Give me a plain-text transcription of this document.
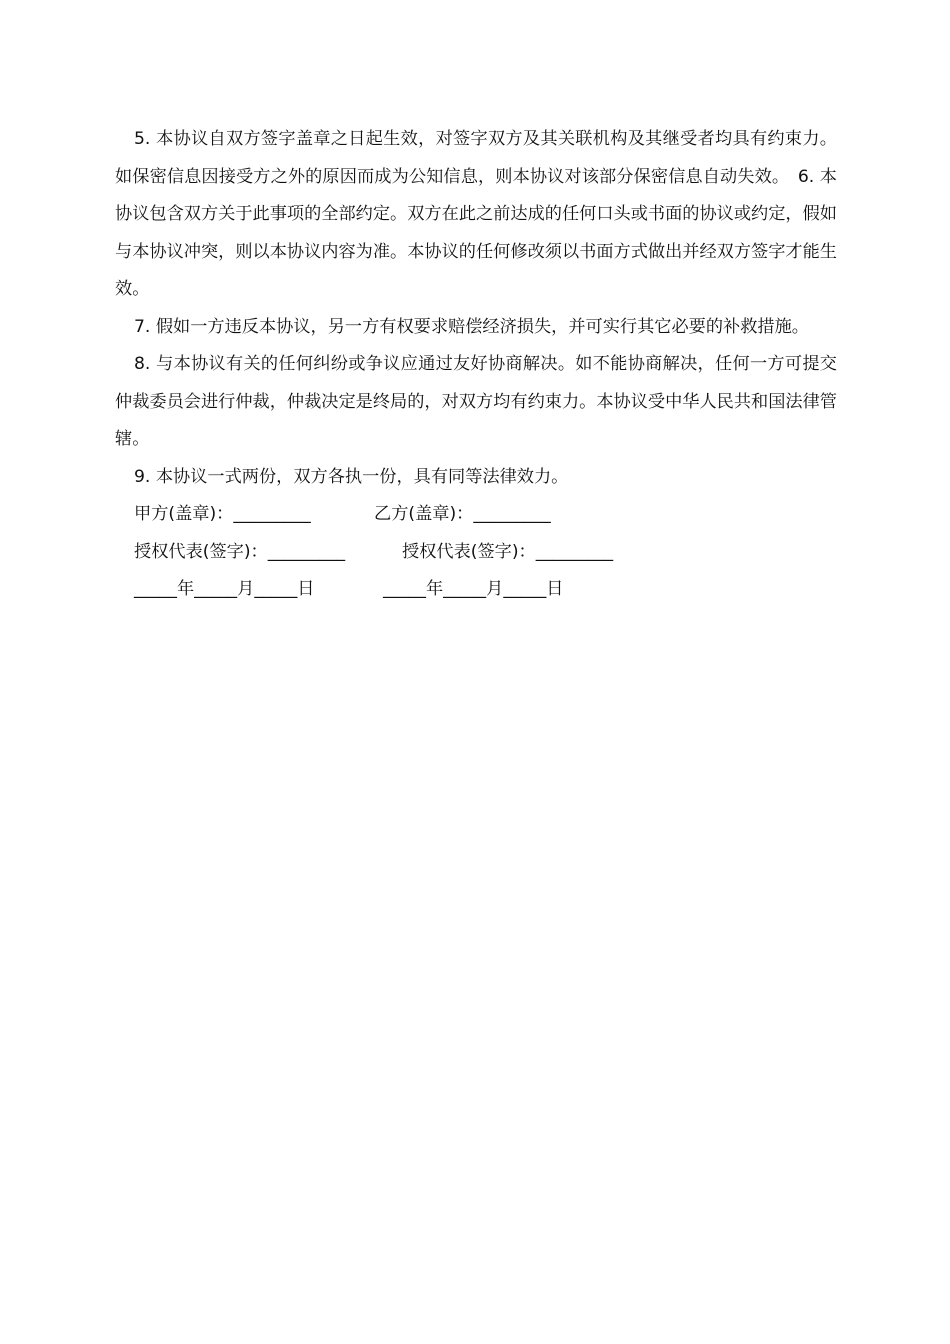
5. 本协议自双方签字盖章之日起生效，对签字双方及其关联机构及其继受者均具有约束力。如保密信息因接受方之外的原因而成为公知信息，则本协议对该部分保密信息自动失效。　6. 本协议包含双方关于此事项的全部约定。双方在此之前达成的任何口头或书面的协议或约定，假如与本协议冲突，则以本协议内容为准。本协议的任何修改须以书面方式做出并经双方签字才能生效。

7. 假如一方违反本协议，另一方有权要求赔偿经济损失，并可实行其它必要的补救措施。

8. 与本协议有关的任何纠纷或争议应通过友好协商解决。如不能协商解决，任何一方可提交仲裁委员会进行仲裁，仲裁决定是终局的，对双方均有约束力。本协议受中华人民共和国法律管辖。

9. 本协议一式两份，双方各执一份，具有同等法律效力。

甲方(盖章)：_________	乙方(盖章)：_________
授权代表(签字)：_________	授权代表(签字)：_________
_____年_____月_____日	_____年_____月_____日
